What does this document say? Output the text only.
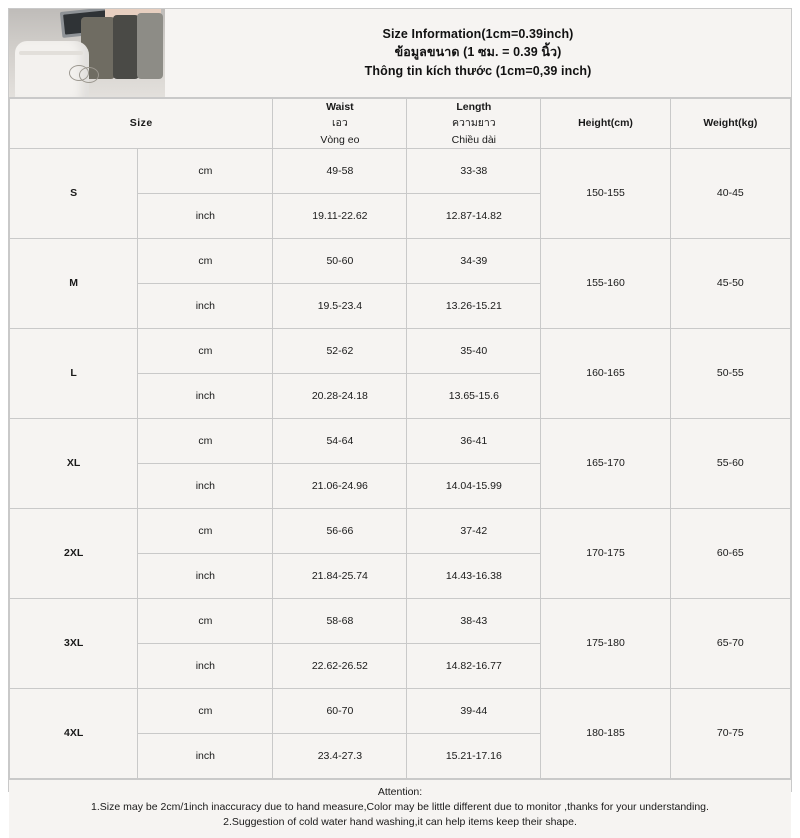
Size Information(1cm=0.39inch)
ข้อมูลขนาด (1 ซม. = 0.39 นิ้ว)
Thông tin kích thước (1cm=0,39 inch)
Size		Waist
เอว
Vòng eo	Length
ความยาว
Chiều dài	Height(cm)	Weight(kg)
S	cm	49-58	33-38	150-155	40-45
	inch	19.11-22.62	12.87-14.82		
M	cm	50-60	34-39	155-160	45-50
	inch	19.5-23.4	13.26-15.21		
L	cm	52-62	35-40	160-165	50-55
	inch	20.28-24.18	13.65-15.6		
XL	cm	54-64	36-41	165-170	55-60
	inch	21.06-24.96	14.04-15.99		
2XL	cm	56-66	37-42	170-175	60-65
	inch	21.84-25.74	14.43-16.38		
3XL	cm	58-68	38-43	175-180	65-70
	inch	22.62-26.52	14.82-16.77		
4XL	cm	60-70	39-44	180-185	70-75
	inch	23.4-27.3	15.21-17.16		
Attention:
1.Size may be 2cm/1inch inaccuracy due to hand measure,Color may be little different due to monitor ,thanks for your understanding.
2.Suggestion of cold water hand washing,it can help items keep their shape.
